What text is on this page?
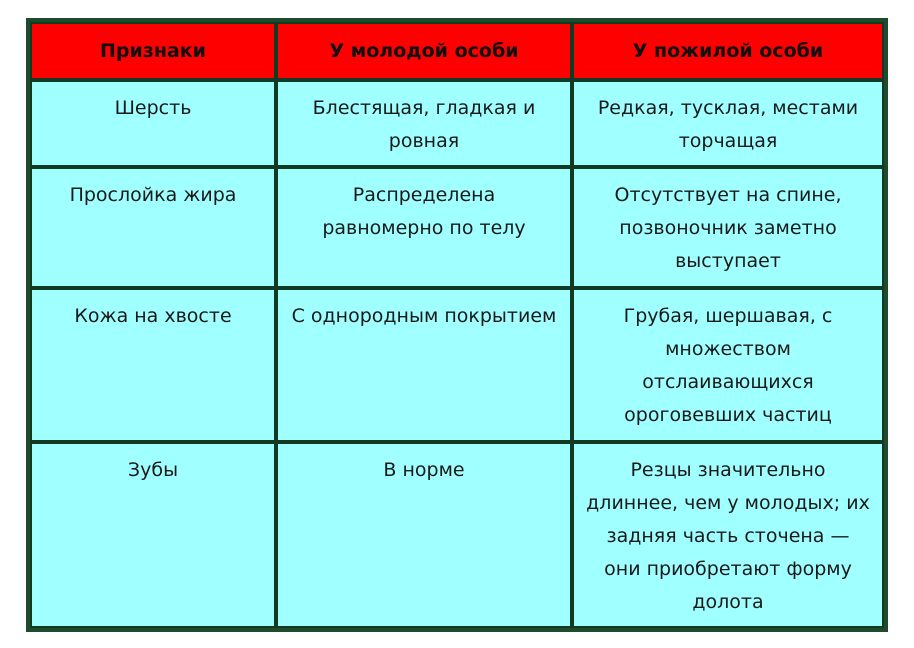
Признаки	У молодой особи	У пожилой особи
Шерсть	Блестящая, гладкая и ровная	Редкая, тусклая, местами торчащая
Прослойка жира	Распределена равномерно по телу	Отсутствует на спине, позвоночник заметно выступает
Кожа на хвосте	С однородным покрытием	Грубая, шершавая, с множеством отслаивающихся ороговевших частиц
Зубы	В норме	Резцы значительно длиннее, чем у молодых; их задняя часть сточена — они приобретают форму долота
